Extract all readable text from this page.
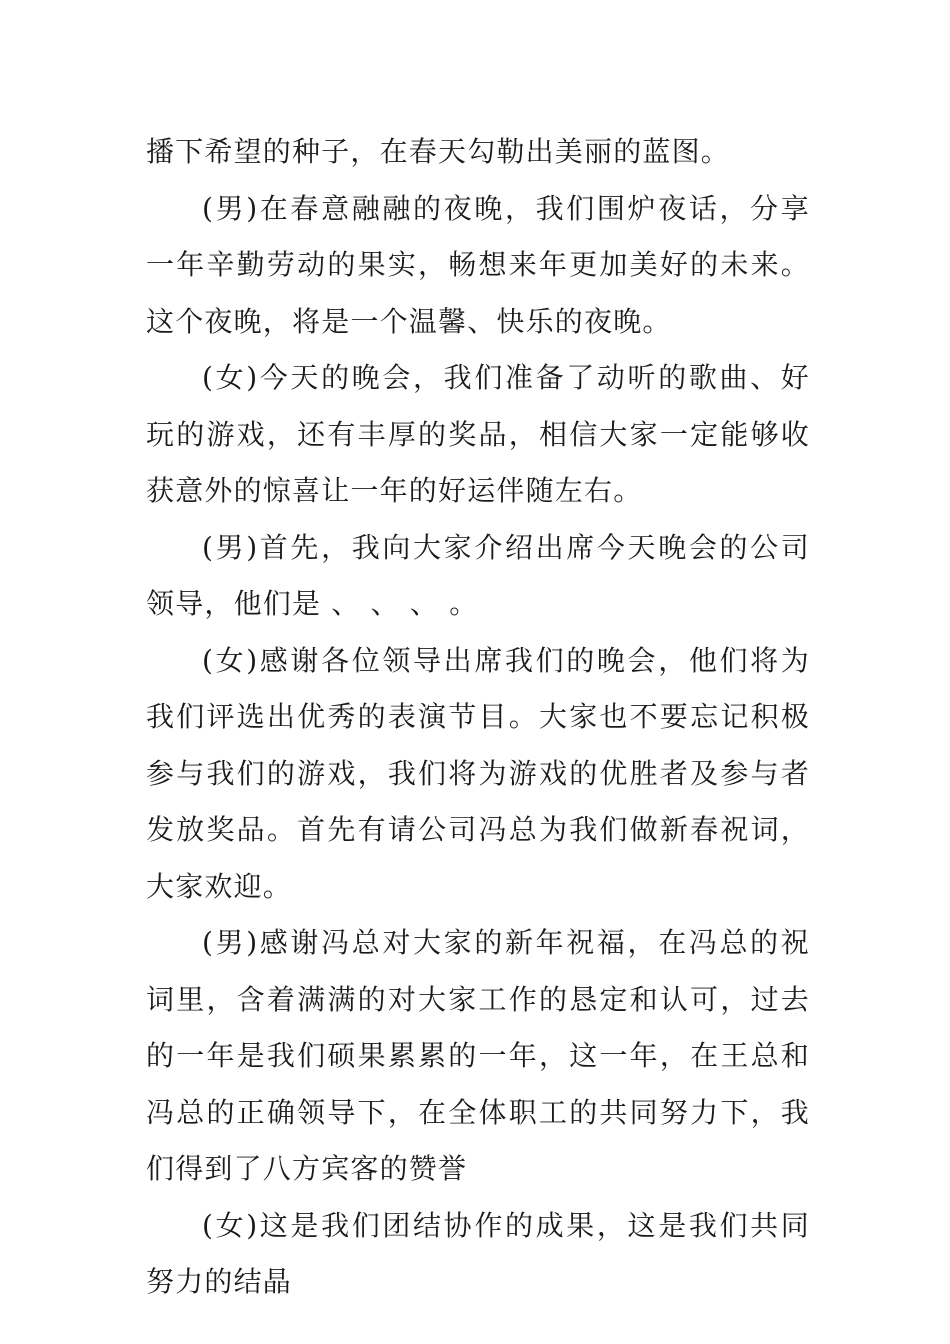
播下希望的种子，在春天勾勒出美丽的蓝图。

(男)在春意融融的夜晚，我们围炉夜话，分享一年辛勤劳动的果实，畅想来年更加美好的未来。这个夜晚，将是一个温馨、快乐的夜晚。

(女)今天的晚会，我们准备了动听的歌曲、好玩的游戏，还有丰厚的奖品，相信大家一定能够收获意外的惊喜让一年的好运伴随左右。

(男)首先，我向大家介绍出席今天晚会的公司领导，他们是 、 、 、 。

(女)感谢各位领导出席我们的晚会，他们将为我们评选出优秀的表演节目。大家也不要忘记积极参与我们的游戏，我们将为游戏的优胜者及参与者发放奖品。首先有请公司冯总为我们做新春祝词，大家欢迎。

(男)感谢冯总对大家的新年祝福，在冯总的祝词里，含着满满的对大家工作的恳定和认可，过去的一年是我们硕果累累的一年，这一年，在王总和冯总的正确领导下，在全体职工的共同努力下，我们得到了八方宾客的赞誉

(女)这是我们团结协作的成果，这是我们共同努力的结晶
